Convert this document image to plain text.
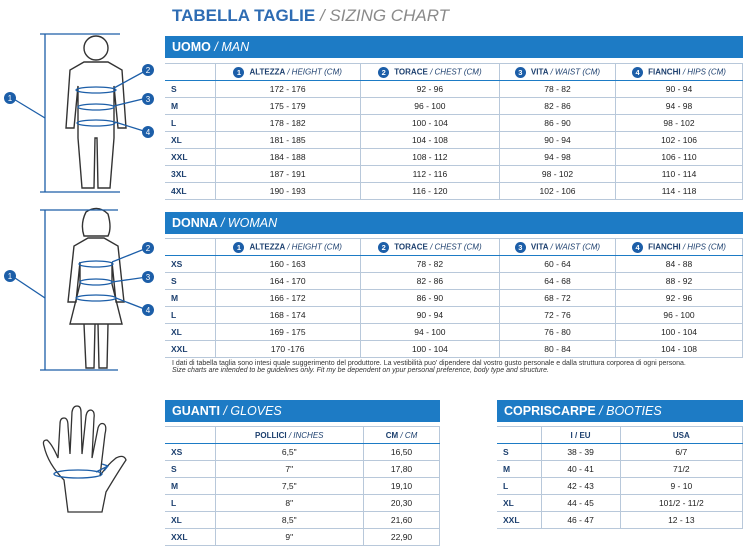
TABELLA TAGLIE / SIZING CHART
1
2
3
4
1
2
3
4
UOMO / MAN
	1 ALTEZZA / HEIGHT (CM)	2 TORACE / CHEST (CM)	3 VITA / WAIST (CM)	4 FIANCHI / HIPS (CM)
S	172 - 176	92 - 96	78 - 82	90 - 94
M	175 - 179	96 - 100	82 - 86	94 - 98
L	178 - 182	100 - 104	86 - 90	98 - 102
XL	181 - 185	104 - 108	90 - 94	102 - 106
XXL	184 - 188	108 - 112	94 - 98	106 - 110
3XL	187 - 191	112 - 116	98 - 102	110 - 114
4XL	190 - 193	116 - 120	102 - 106	114 - 118
DONNA / WOMAN
	1 ALTEZZA / HEIGHT (CM)	2 TORACE / CHEST (CM)	3 VITA / WAIST (CM)	4 FIANCHI / HIPS (CM)
XS	160 - 163	78 - 82	60 - 64	84 - 88
S	164 - 170	82 - 86	64 - 68	88 - 92
M	166 - 172	86 - 90	68 - 72	92 - 96
L	168 - 174	90 - 94	72 - 76	96 - 100
XL	169 - 175	94 - 100	76 - 80	100 - 104
XXL	170 -176	100 - 104	80 - 84	104 - 108

I dati di tabella taglia sono intesi quale suggerimento del produttore. La vestibilità puo' dipendere dal vostro gusto personale e dalla struttura corporea di ogni persona.

Size charts are intended to be guidelines only. Fit my be dependent on ypur personal preference, body type and structure.

GUANTI / GLOVES
	POLLICI / INCHES	CM / CM
XS	6,5"	16,50
S	7"	17,80
M	7,5"	19,10
L	8"	20,30
XL	8,5"	21,60
XXL	9"	22,90
COPRISCARPE / BOOTIES
	I / EU	USA
S	38 - 39	6/7
M	40 - 41	71/2
L	42 - 43	9 - 10
XL	44 - 45	101/2 - 11/2
XXL	46 - 47	12 - 13
